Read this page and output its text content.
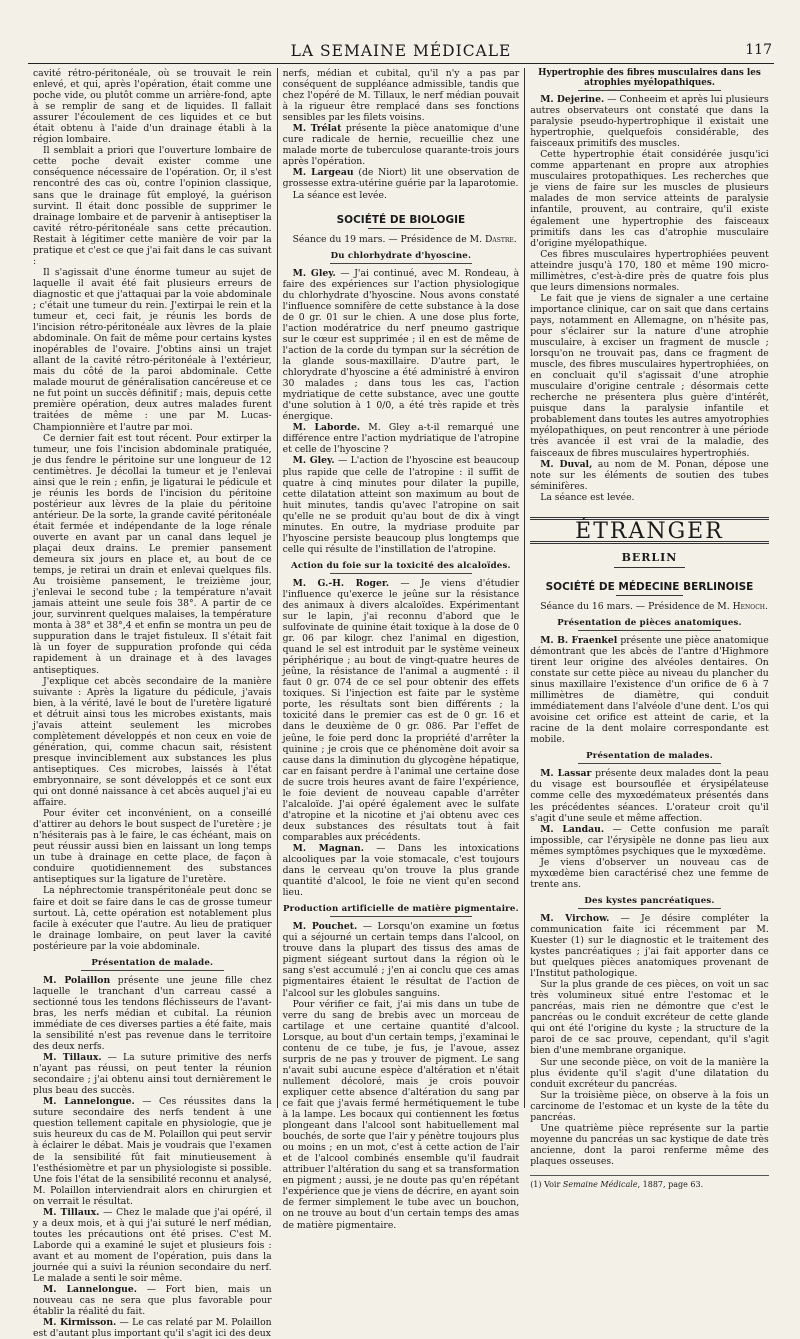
LA SEMAINE MÉDICALE	117

cavité rétro-péritonéale, où se trouvait le rein enlevé, et qui, après l'opération, était comme une poche vide, ou plutôt comme un arrière-fond, apte à se remplir de sang et de liquides. Il fallait assurer l'écoulement de ces liquides et ce but était obtenu à l'aide d'un drainage établi à la région lombaire.

Il semblait a priori que l'ouverture lombaire de cette poche devait exister comme une conséquence nécessaire de l'opération. Or, il s'est rencontré des cas où, contre l'opinion classique, sans que le drainage fût employé, la guérison survint. Il était donc possible de supprimer le drainage lombaire et de parvenir à antiseptiser la cavité rétro-péritonéale sans cette précaution. Restait à légitimer cette manière de voir par la pratique et c'est ce que j'ai fait dans le cas suivant :

Il s'agissait d'une énorme tumeur au sujet de laquelle il avait été fait plusieurs erreurs de diagnostic et que j'attaquai par la voie abdominale ; c'était une tumeur du rein. J'extirpai le rein et la tumeur et, ceci fait, je réunis les bords de l'incision rétro-péritonéale aux lèvres de la plaie abdominale. On fait de même pour certains kystes inopérables de l'ovaire. J'obtins ainsi un trajet allant de la cavité rétro-péritonéale à l'extérieur, mais du côté de la paroi abdominale. Cette malade mourut de généralisation cancéreuse et ce ne fut point un succès définitif ; mais, depuis cette première opération, deux autres malades furent traitées de même : une par M. Lucas-Championnière et l'autre par moi.

Ce dernier fait est tout récent. Pour extirper la tumeur, une fois l'incision abdominale pratiquée, je dus fendre le péritoine sur une longueur de 12 centimètres. Je décollai la tumeur et je l'enlevai ainsi que le rein ; enfin, je ligaturai le pédicule et je réunis les bords de l'incision du péritoine postérieur aux lèvres de la plaie du péritoine antérieur. De la sorte, la grande cavité péritonéale était fermée et indépendante de la loge rénale ouverte en avant par un canal dans lequel je plaçai deux drains. Le premier pansement demeura six jours en place et, au bout de ce temps, je retirai un drain et enlevai quelques fils. Au troisième pansement, le treizième jour, j'enlevai le second tube ; la température n'avait jamais atteint une seule fois 38°. A partir de ce jour, survinrent quelques malaises, la température monta à 38° et 38°,4 et enfin se montra un peu de suppuration dans le trajet fistuleux. Il s'était fait là un foyer de suppuration profonde qui céda rapidement à un drainage et à des lavages antiseptiques.

J'explique cet abcès secondaire de la manière suivante : Après la ligature du pédicule, j'avais bien, à la vérité, lavé le bout de l'uretère ligaturé et détruit ainsi tous les microbes existants, mais j'avais atteint seulement les microbes complètement développés et non ceux en voie de génération, qui, comme chacun sait, résistent presque invinciblement aux substances les plus antiseptiques. Ces microbes, laissés à l'état embryonnaire, se sont développés et ce sont eux qui ont donné naissance à cet abcès auquel j'ai eu affaire.

Pour éviter cet inconvénient, on a conseillé d'attirer au dehors le bout suspect de l'uretère ; je n'hésiterais pas à le faire, le cas échéant, mais on peut réussir aussi bien en laissant un long temps un tube à drainage en cette place, de façon à conduire quotidiennement des substances antiseptiques sur la ligature de l'uretère.

La néphrectomie transpéritonéale peut donc se faire et doit se faire dans le cas de grosse tumeur surtout. Là, cette opération est notablement plus facile à exécuter que l'autre. Au lieu de pratiquer le drainage lombaire, on peut laver la cavité postérieure par la voie abdominale.

Présentation de malade.

M. Polaillon présente une jeune fille chez laquelle le tranchant d'un carreau cassé a sectionné tous les tendons fléchisseurs de l'avant-bras, les nerfs médian et cubital. La réunion immédiate de ces diverses parties a été faite, mais la sensibilité n'est pas revenue dans le territoire des deux nerfs.

M. Tillaux. — La suture primitive des nerfs n'ayant pas réussi, on peut tenter la réunion secondaire ; j'ai obtenu ainsi tout dernièrement le plus beau des succès.

M. Lannelongue. — Ces réussites dans la suture secondaire des nerfs tendent à une question tellement capitale en physiologie, que je suis heureux du cas de M. Polaillon qui peut servir à éclairer le débat. Mais je voudrais que l'examen de la sensibilité fût fait minutieusement à l'esthésiomètre et par un physiologiste si possible. Une fois l'état de la sensibilité reconnu et analysé, M. Polaillon interviendrait alors en chirurgien et on verrait le résultat.

M. Tillaux. — Chez le malade que j'ai opéré, il y a deux mois, et à qui j'ai suturé le nerf médian, toutes les précautions ont été prises. C'est M. Laborde qui a examiné le sujet et plusieurs fois : avant et au moment de l'opération, puis dans la journée qui a suivi la réunion secondaire du nerf. Le malade a senti le soir même.

M. Lannelongue. — Fort bien, mais un nouveau cas ne sera que plus favorable pour établir la réalité du fait.

M. Kirmisson. — Le cas relaté par M. Polaillon est d'autant plus important qu'il s'agit ici des deux

nerfs, médian et cubital, qu'il n'y a pas par conséquent de suppléance admissible, tandis que chez l'opéré de M. Tillaux, le nerf médian pouvait à la rigueur être remplacé dans ses fonctions sensibles par les filets voisins.

M. Trélat présente la pièce anatomique d'une cure radicale de hernie, recueillie chez une malade morte de tuberculose quarante-trois jours après l'opération.

M. Largeau (de Niort) lit une observation de grossesse extra-utérine guérie par la laparotomie.

La séance est levée.

SOCIÉTÉ DE BIOLOGIE

Séance du 19 mars. — Présidence de M. Dastre.

Du chlorhydrate d'hyoscine.

M. Gley. — J'ai continué, avec M. Rondeau, à faire des expériences sur l'action physiologique du chlorhydrate d'hyoscine. Nous avons constaté l'influence somnifère de cette substance à la dose de 0 gr. 01 sur le chien. A une dose plus forte, l'action modératrice du nerf pneumo gastrique sur le cœur est supprimée ; il en est de même de l'action de la corde du tympan sur la sécrétion de la glande sous-maxillaire. D'autre part, le chlorydrate d'hyoscine a été administré à environ 30 malades ; dans tous les cas, l'action mydriatique de cette substance, avec une goutte d'une solution à 1 0/0, a été très rapide et très énergique.

M. Laborde. M. Gley a-t-il remarqué une différence entre l'action mydriatique de l'atropine et celle de l'hyoscine ?

M. Gley. — L'action de l'hyoscine est beaucoup plus rapide que celle de l'atropine : il suffit de quatre à cinq minutes pour dilater la pupille, cette dilatation atteint son maximum au bout de huit minutes, tandis qu'avec l'atropine on sait qu'elle ne se produit qu'au bout de dix à vingt minutes. En outre, la mydriase produite par l'hyoscine persiste beaucoup plus longtemps que celle qui résulte de l'instillation de l'atropine.

Action du foie sur la toxicité des alcaloïdes.

M. G.-H. Roger. — Je viens d'étudier l'influence qu'exerce le jeûne sur la résistance des animaux à divers alcaloïdes. Expérimentant sur le lapin, j'ai reconnu d'abord que le sulfovinate de quinine était toxique à la dose de 0 gr. 06 par kilogr. chez l'animal en digestion, quand le sel est introduit par le système veineux périphérique ; au bout de vingt-quatre heures de jeûne, la résistance de l'animal a augmenté : il faut 0 gr. 074 de ce sel pour obtenir des effets toxiques. Si l'injection est faite par le système porte, les résultats sont bien différents ; la toxicité dans le premier cas est de 0 gr. 16 et dans le deuxième de 0 gr. 086. Par l'effet de jeûne, le foie perd donc la propriété d'arrêter la quinine ; je crois que ce phénomène doit avoir sa cause dans la diminution du glycogène hépatique, car en faisant perdre à l'animal une certaine dose de sucre trois heures avant de faire l'expérience, le foie devient de nouveau capable d'arrêter l'alcaloïde. J'ai opéré également avec le sulfate d'atropine et la nicotine et j'ai obtenu avec ces deux substances des résultats tout à fait comparables aux précédents.

M. Magnan. — Dans les intoxications alcooliques par la voie stomacale, c'est toujours dans le cerveau qu'on trouve la plus grande quantité d'alcool, le foie ne vient qu'en second lieu.

Production artificielle de matière pigmentaire.

M. Pouchet. — Lorsqu'on examine un fœtus qui a séjourné un certain temps dans l'alcool, on trouve dans la plupart des tissus des amas de pigment siégeant surtout dans la région où le sang s'est accumulé ; j'en ai conclu que ces amas pigmentaires étaient le résultat de l'action de l'alcool sur les globules sanguins.

Pour vérifier ce fait, j'ai mis dans un tube de verre du sang de brebis avec un morceau de cartilage et une certaine quantité d'alcool. Lorsque, au bout d'un certain temps, j'examinai le contenu de ce tube, je fus, je l'avoue, assez surpris de ne pas y trouver de pigment. Le sang n'avait subi aucune espèce d'altération et n'était nullement décoloré, mais je crois pouvoir expliquer cette absence d'altération du sang par ce fait que j'avais fermé hermétiquement le tube à la lampe. Les bocaux qui contiennent les fœtus plongeant dans l'alcool sont habituellement mal bouchés, de sorte que l'air y pénètre toujours plus ou moins ; en un mot, c'est à cette action de l'air et de l'alcool combinés ensemble qu'il faudrait attribuer l'altération du sang et sa transformation en pigment ; aussi, je ne doute pas qu'en répétant l'expérience que je viens de décrire, en ayant soin de fermer simplement le tube avec un bouchon, on ne trouve au bout d'un certain temps des amas de matière pigmentaire.

Hypertrophie des fibres musculaires dans les atrophies myélopathiques.

M. Dejerine. — Conheeim et après lui plusieurs autres observateurs ont constaté que dans la paralysie pseudo-hypertrophique il existait une hypertrophie, quelquefois considérable, des faisceaux primitifs des muscles.

Cette hypertrophie était considérée jusqu'ici comme appartenant en propre aux atrophies musculaires protopathiques. Les recherches que je viens de faire sur les muscles de plusieurs malades de mon service atteints de paralysie infantile, prouvent, au contraire, qu'il existe également une hypertrophie des faisceaux primitifs dans les cas d'atrophie musculaire d'origine myélopathique.

Ces fibres musculaires hypertrophiées peuvent atteindre jusqu'à 170, 180 et même 190 micro-millimètres, c'est-à-dire près de quatre fois plus que leurs dimensions normales.

Le fait que je viens de signaler a une certaine importance clinique, car on sait que dans certains pays, notamment en Allemagne, on n'hésite pas, pour s'éclairer sur la nature d'une atrophie musculaire, à exciser un fragment de muscle ; lorsqu'on ne trouvait pas, dans ce fragment de muscle, des fibres musculaires hypertrophiées, on en concluait qu'il s'agissait d'une atrophie musculaire d'origine centrale ; désormais cette recherche ne présentera plus guère d'intérêt, puisque dans la paralysie infantile et probablement dans toutes les autres amyotrophies myélopathiques, on peut rencontrer à une période très avancée il est vrai de la maladie, des faisceaux de fibres musculaires hypertrophiés.

M. Duval, au nom de M. Ponan, dépose une note sur les éléments de soutien des tubes séminifères.

La séance est levée.

ÉTRANGER
BERLIN
SOCIÉTÉ DE MÉDECINE BERLINOISE

Séance du 16 mars. — Présidence de M. Henoch.

Présentation de pièces anatomiques.

M. B. Fraenkel présente une pièce anatomique démontrant que les abcès de l'antre d'Highmore tirent leur origine des alvéoles dentaires. On constate sur cette pièce au niveau du plancher du sinus maxillaire l'existence d'un orifice de 6 à 7 millimètres de diamètre, qui conduit immédiatement dans l'alvéole d'une dent. L'os qui avoisine cet orifice est atteint de carie, et la racine de la dent molaire correspondante est mobile.

Présentation de malades.

M. Lassar présente deux malades dont la peau du visage est boursouflée et érysipélateuse comme celle des myxœdémateux présentés dans les précédentes séances. L'orateur croit qu'il s'agit d'une seule et même affection.

M. Landau. — Cette confusion me paraît impossible, car l'érysipèle ne donne pas lieu aux mêmes symptômes psychiques que le myxœdème.

Je viens d'observer un nouveau cas de myxœdème bien caractérisé chez une femme de trente ans.

Des kystes pancréatiques.

M. Virchow. — Je désire compléter la communication faite ici récemment par M. Kuester (1) sur le diagnostic et le traitement des kystes pancréatiques ; j'ai fait apporter dans ce but quelques pièces anatomiques provenant de l'Institut pathologique.

Sur la plus grande de ces pièces, on voit un sac très volumineux situé entre l'estomac et le pancréas, mais rien ne démontre que c'est le pancréas ou le conduit excréteur de cette glande qui ont été l'origine du kyste ; la structure de la paroi de ce sac prouve, cependant, qu'il s'agit bien d'une membrane organique.

Sur une seconde pièce, on voit de la manière la plus évidente qu'il s'agit d'une dilatation du conduit excréteur du pancréas.

Sur la troisième pièce, on observe à la fois un carcinome de l'estomac et un kyste de la tête du pancréas.

Une quatrième pièce représente sur la partie moyenne du pancréas un sac kystique de date très ancienne, dont la paroi renferme même des plaques osseuses.

(1) Voir Semaine Médicale, 1887, page 63.
